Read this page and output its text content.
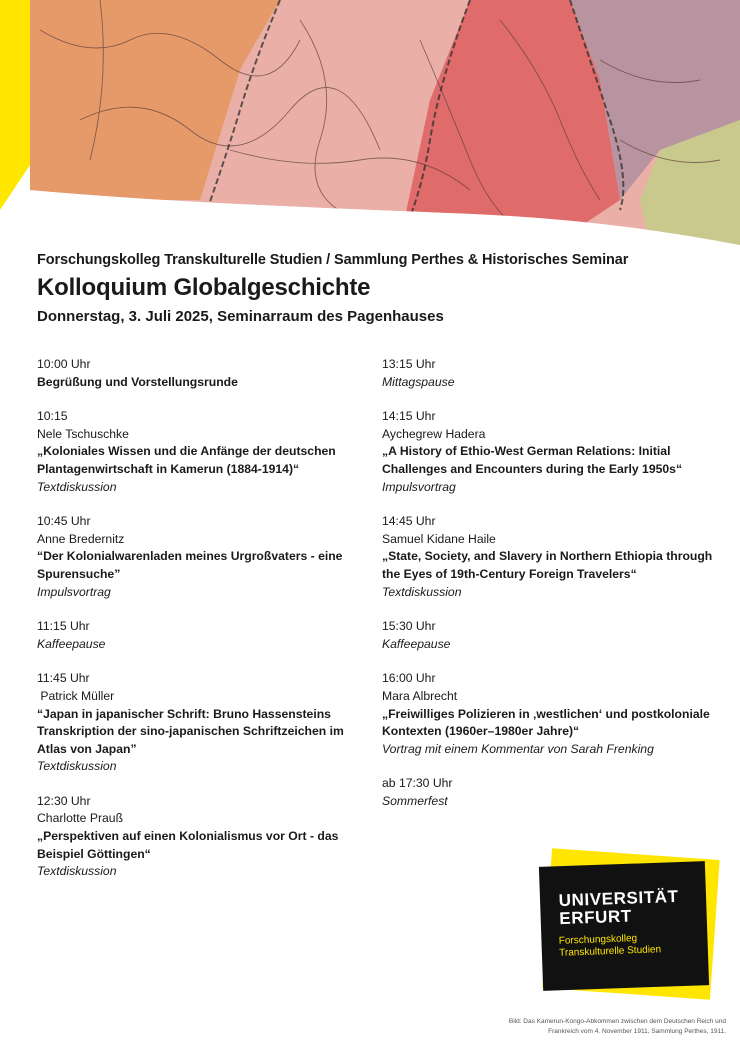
Forschungskolleg Transkulturelle Studien / Sammlung Perthes & Historisches Seminar
Kolloquium Globalgeschichte
Donnerstag, 3. Juli 2025, Seminarraum des Pagenhauses
10:00 Uhr
Begrüßung und Vorstellungsrunde
10:15
Nele Tschuschke
„Koloniales Wissen und die Anfänge der deutschen Plantagenwirtschaft in Kamerun (1884-1914)“
Textdiskussion
10:45 Uhr
Anne Bredernitz
“Der Kolonialwarenladen meines Urgroßvaters - eine Spurensuche”
Impulsvortrag
11:15 Uhr
Kaffeepause
11:45 Uhr
Patrick Müller
“Japan in japanischer Schrift: Bruno Hassensteins Transkription der sino-japanischen Schriftzeichen im Atlas von Japan”
Textdiskussion
12:30 Uhr
Charlotte Prauß
„Perspektiven auf einen Kolonialismus vor Ort - das Beispiel Göttingen“
Textdiskussion
13:15 Uhr
Mittagspause
14:15 Uhr
Aychegrew Hadera
„A History of Ethio-West German Relations: Initial Challenges and Encounters during the Early 1950s“
Impulsvortrag
14:45 Uhr
Samuel Kidane Haile
„State, Society, and Slavery in Northern Ethiopia through the Eyes of 19th-Century Foreign Travelers“
Textdiskussion
15:30 Uhr
Kaffeepause
16:00 Uhr
Mara Albrecht
„Freiwilliges Polizieren in ‚westlichen‘ und postkoloniale Kontexten (1960er–1980er Jahre)“
Vortrag mit einem Kommentar von Sarah Frenking
ab 17:30 Uhr
Sommerfest
UNIVERSITÄT
ERFURT
Forschungskolleg
Transkulturelle Studien
Bild: Das Kamerun-Kongo-Abkommen zwischen dem Deutschen Reich und
Frankreich vom 4. November 1911, Sammlung Perthes, 1911.
